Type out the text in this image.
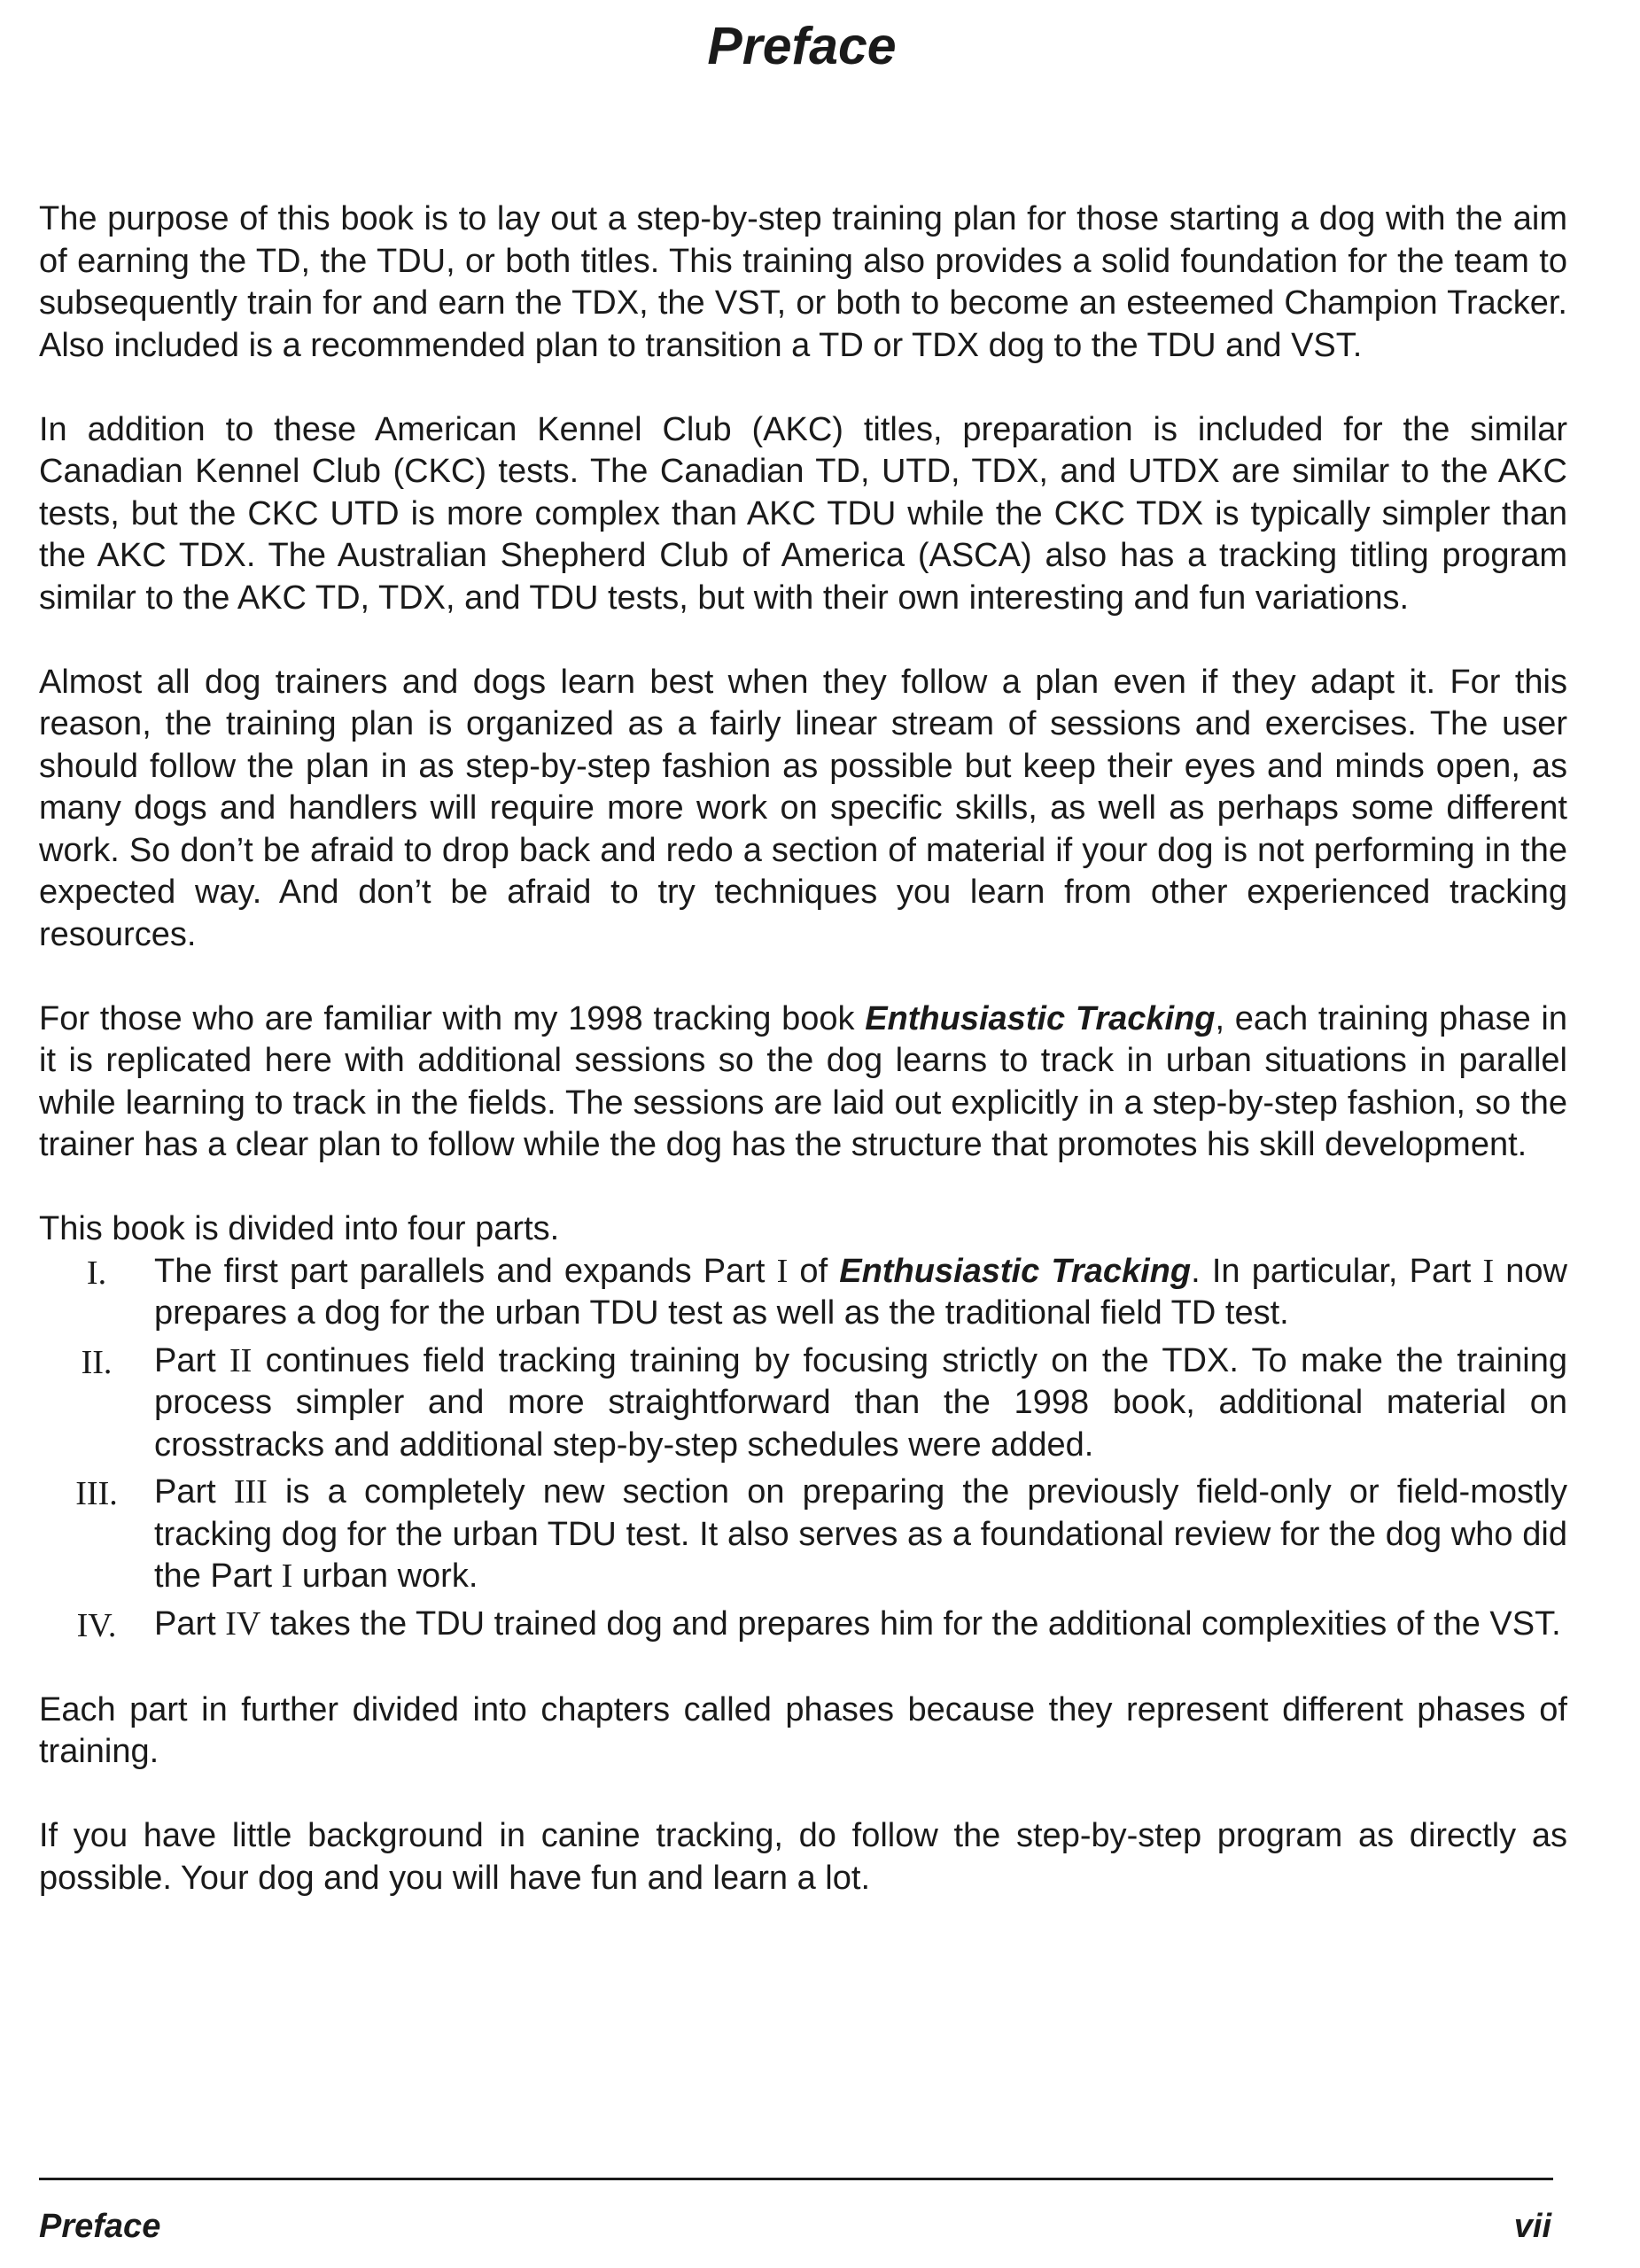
Preface

The purpose of this book is to lay out a step-by-step training plan for those starting a dog with the aim of earning the TD, the TDU, or both titles. This training also provides a solid foundation for the team to subsequently train for and earn the TDX, the VST, or both to become an esteemed Champion Tracker. Also included is a recommended plan to transition a TD or TDX dog to the TDU and VST.

In addition to these American Kennel Club (AKC) titles, preparation is included for the similar Canadian Kennel Club (CKC) tests. The Canadian TD, UTD, TDX, and UTDX are similar to the AKC tests, but the CKC UTD is more complex than AKC TDU while the CKC TDX is typically simpler than the AKC TDX. The Australian Shepherd Club of America (ASCA) also has a tracking titling program similar to the AKC TD, TDX, and TDU tests, but with their own interesting and fun variations.

Almost all dog trainers and dogs learn best when they follow a plan even if they adapt it. For this reason, the training plan is organized as a fairly linear stream of sessions and exercises. The user should follow the plan in as step-by-step fashion as possible but keep their eyes and minds open, as many dogs and handlers will require more work on specific skills, as well as perhaps some different work. So don’t be afraid to drop back and redo a section of material if your dog is not performing in the expected way. And don’t be afraid to try techniques you learn from other experienced tracking resources.

For those who are familiar with my 1998 tracking book Enthusiastic Tracking, each training phase in it is replicated here with additional sessions so the dog learns to track in urban situations in parallel while learning to track in the fields. The sessions are laid out explicitly in a step-by-step fashion, so the trainer has a clear plan to follow while the dog has the structure that promotes his skill development.

This book is divided into four parts.

I.	The first part parallels and expands Part I of Enthusiastic Tracking. In particular, Part I now prepares a dog for the urban TDU test as well as the traditional field TD test.
II.	Part II continues field tracking training by focusing strictly on the TDX. To make the training process simpler and more straightforward than the 1998 book, additional material on crosstracks and additional step-by-step schedules were added.
III.	Part III is a completely new section on preparing the previously field-only or field-mostly tracking dog for the urban TDU test. It also serves as a foundational review for the dog who did the Part I urban work.
IV.	Part IV takes the TDU trained dog and prepares him for the additional complexities of the VST.

Each part in further divided into chapters called phases because they represent different phases of training.

If you have little background in canine tracking, do follow the step-by-step program as directly as possible. Your dog and you will have fun and learn a lot.

Preface	vii
